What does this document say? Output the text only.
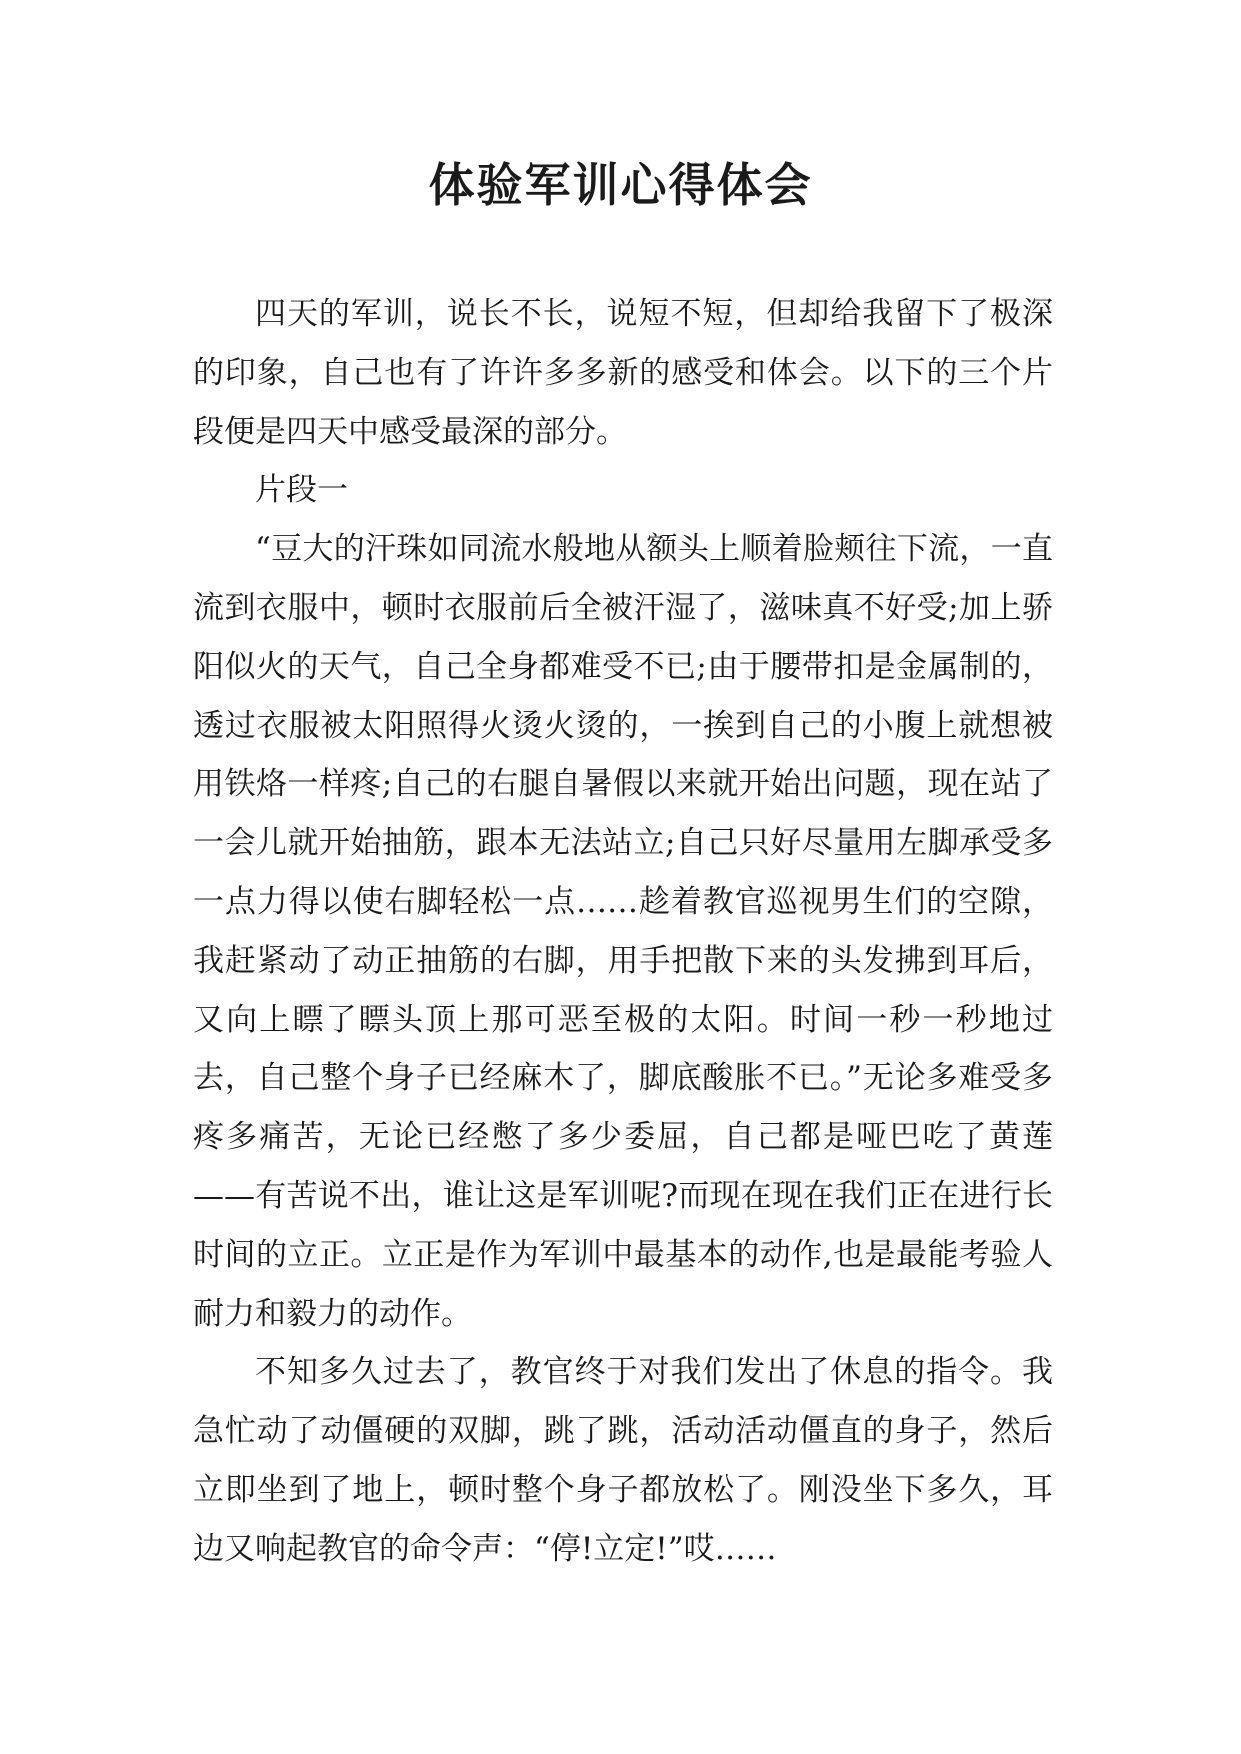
体验军训心得体会

四天的军训，说长不长，说短不短，但却给我留下了极深的印象，自己也有了许许多多新的感受和体会。以下的三个片段便是四天中感受最深的部分。

片段一

“豆大的汗珠如同流水般地从额头上顺着脸颊往下流，一直流到衣服中，顿时衣服前后全被汗湿了，滋味真不好受;加上骄阳似火的天气，自己全身都难受不已;由于腰带扣是金属制的，透过衣服被太阳照得火烫火烫的，一挨到自己的小腹上就想被用铁烙一样疼;自己的右腿自暑假以来就开始出问题，现在站了一会儿就开始抽筋，跟本无法站立;自己只好尽量用左脚承受多一点力得以使右脚轻松一点……趁着教官巡视男生们的空隙，我赶紧动了动正抽筋的右脚，用手把散下来的头发拂到耳后，又向上瞟了瞟头顶上那可恶至极的太阳。时间一秒一秒地过去，自己整个身子已经麻木了，脚底酸胀不已。”无论多难受多疼多痛苦，无论已经憋了多少委屈，自己都是哑巴吃了黄莲——有苦说不出，谁让这是军训呢?而现在现在我们正在进行长时间的立正。立正是作为军训中最基本的动作,也是最能考验人耐力和毅力的动作。

不知多久过去了，教官终于对我们发出了休息的指令。我急忙动了动僵硬的双脚，跳了跳，活动活动僵直的身子，然后立即坐到了地上，顿时整个身子都放松了。刚没坐下多久，耳边又响起教官的命令声：“停!立定!”哎……
